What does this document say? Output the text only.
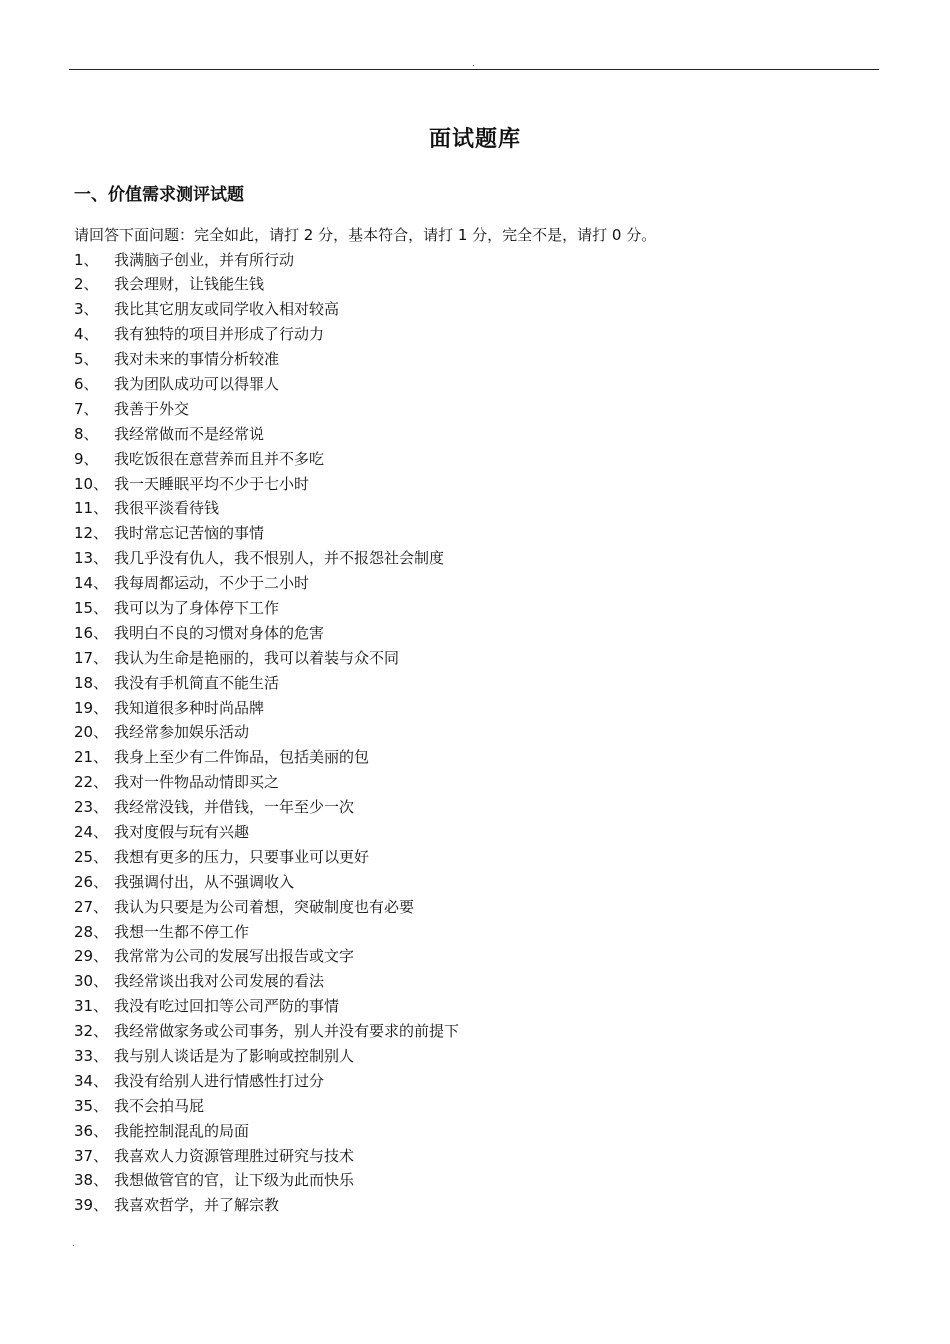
.
面试题库
一、价值需求测评试题
请回答下面问题：完全如此，请打 2 分，基本符合，请打 1 分，完全不是，请打 0 分。
1、	我满脑子创业，并有所行动
2、	我会理财，让钱能生钱
3、	我比其它朋友或同学收入相对较高
4、	我有独特的项目并形成了行动力
5、	我对未来的事情分析较准
6、	我为团队成功可以得罪人
7、	我善于外交
8、	我经常做而不是经常说
9、	我吃饭很在意营养而且并不多吃
10、 我一天睡眠平均不少于七小时
11、 我很平淡看待钱
12、 我时常忘记苦恼的事情
13、 我几乎没有仇人，我不恨别人，并不报怨社会制度
14、 我每周都运动，不少于二小时
15、 我可以为了身体停下工作
16、 我明白不良的习惯对身体的危害
17、 我认为生命是艳丽的，我可以着装与众不同
18、 我没有手机简直不能生活
19、 我知道很多种时尚品牌
20、 我经常参加娱乐活动
21、 我身上至少有二件饰品，包括美丽的包
22、 我对一件物品动情即买之
23、 我经常没钱，并借钱，一年至少一次
24、 我对度假与玩有兴趣
25、 我想有更多的压力，只要事业可以更好
26、 我强调付出，从不强调收入
27、 我认为只要是为公司着想，突破制度也有必要
28、 我想一生都不停工作
29、 我常常为公司的发展写出报告或文字
30、 我经常谈出我对公司发展的看法
31、 我没有吃过回扣等公司严防的事情
32、 我经常做家务或公司事务，别人并没有要求的前提下
33、 我与别人谈话是为了影响或控制别人
34、 我没有给别人进行情感性打过分
35、 我不会拍马屁
36、 我能控制混乱的局面
37、 我喜欢人力资源管理胜过研究与技术
38、 我想做管官的官，让下级为此而快乐
39、 我喜欢哲学，并了解宗教
.
